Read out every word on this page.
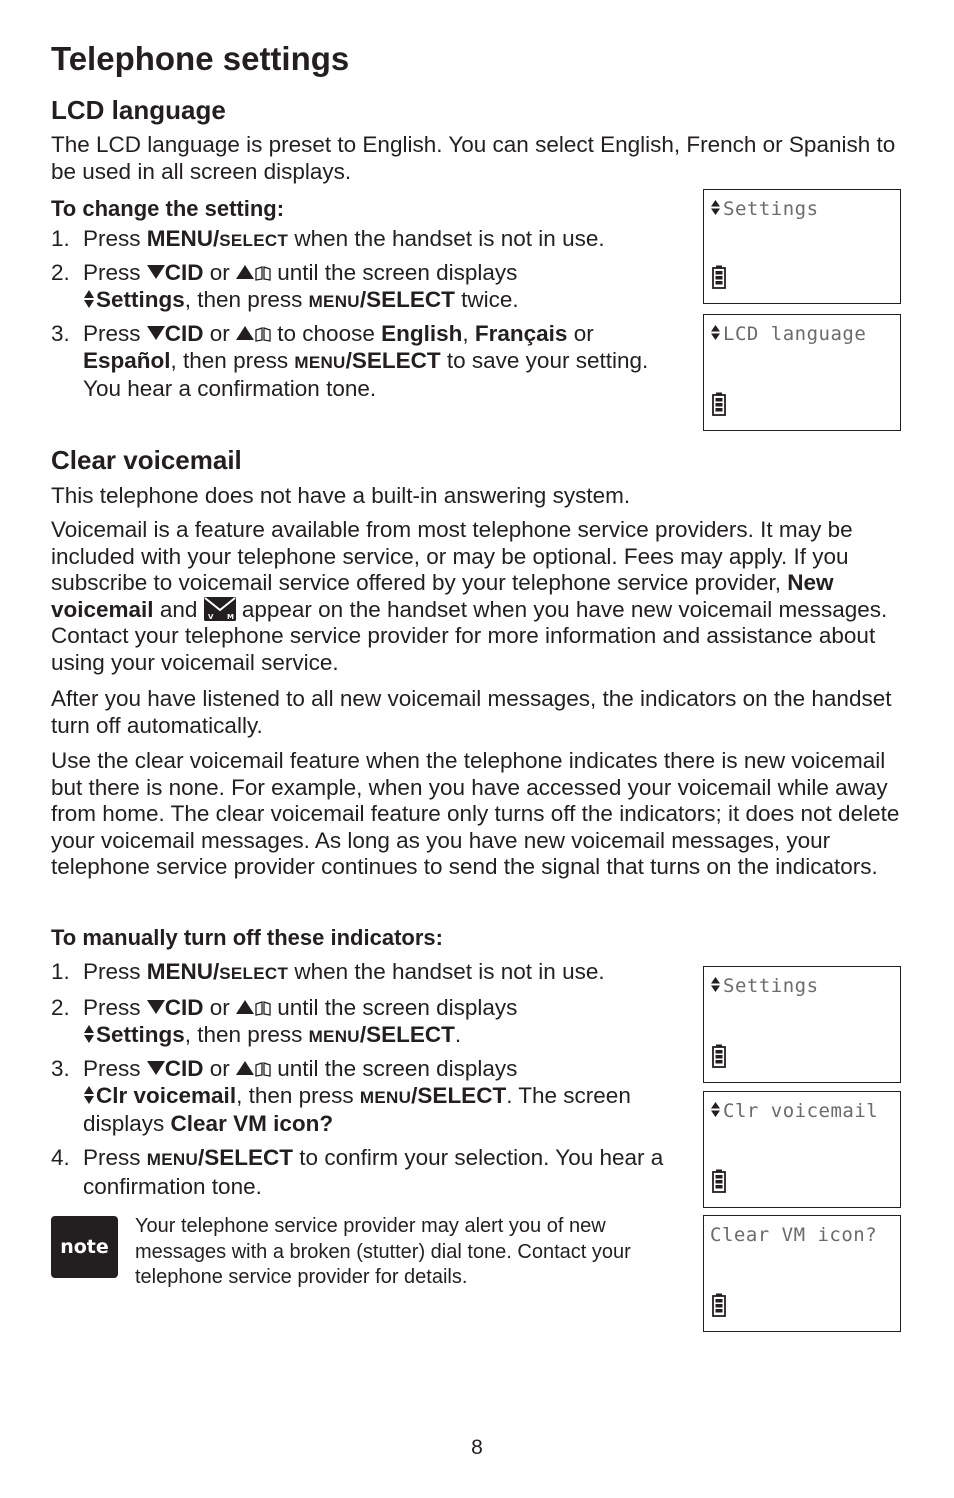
Telephone settings
LCD language

The LCD language is preset to English. You can select English, French or Spanish to be used in all screen displays.

To change the setting:
1. Press MENU/SELECT when the handset is not in use.
2. Press CID or  until the screen displays
Settings, then press MENU/SELECT twice.
3. Press CID or  to choose English, Français or
Español, then press MENU/SELECT to save your setting. You hear a confirmation tone.
Settings
LCD language
Clear voicemail

This telephone does not have a built-in answering system.

Voicemail is a feature available from most telephone service providers. It may be included with your telephone service, or may be optional. Fees may apply. If you subscribe to voicemail service offered by your telephone service provider, New voicemail and V M appear on the handset when you have new voicemail messages. Contact your telephone service provider for more information and assistance about using your voicemail service.

After you have listened to all new voicemail messages, the indicators on the handset turn off automatically.

Use the clear voicemail feature when the telephone indicates there is new voicemail but there is none. For example, when you have accessed your voicemail while away from home. The clear voicemail feature only turns off the indicators; it does not delete your voicemail messages. As long as you have new voicemail messages, your telephone service provider continues to send the signal that turns on the indicators.

To manually turn off these indicators:
1. Press MENU/SELECT when the handset is not in use.
2. Press CID or  until the screen displays
Settings, then press MENU/SELECT.
3. Press CID or  until the screen displays
Clr voicemail, then press MENU/SELECT. The screen displays Clear VM icon?
4. Press MENU/SELECT to confirm your selection. You hear a confirmation tone.
Settings
Clr voicemail
Clear VM icon?
note
Your telephone service provider may alert you of new messages with a broken (stutter) dial tone. Contact your telephone service provider for details.
8
